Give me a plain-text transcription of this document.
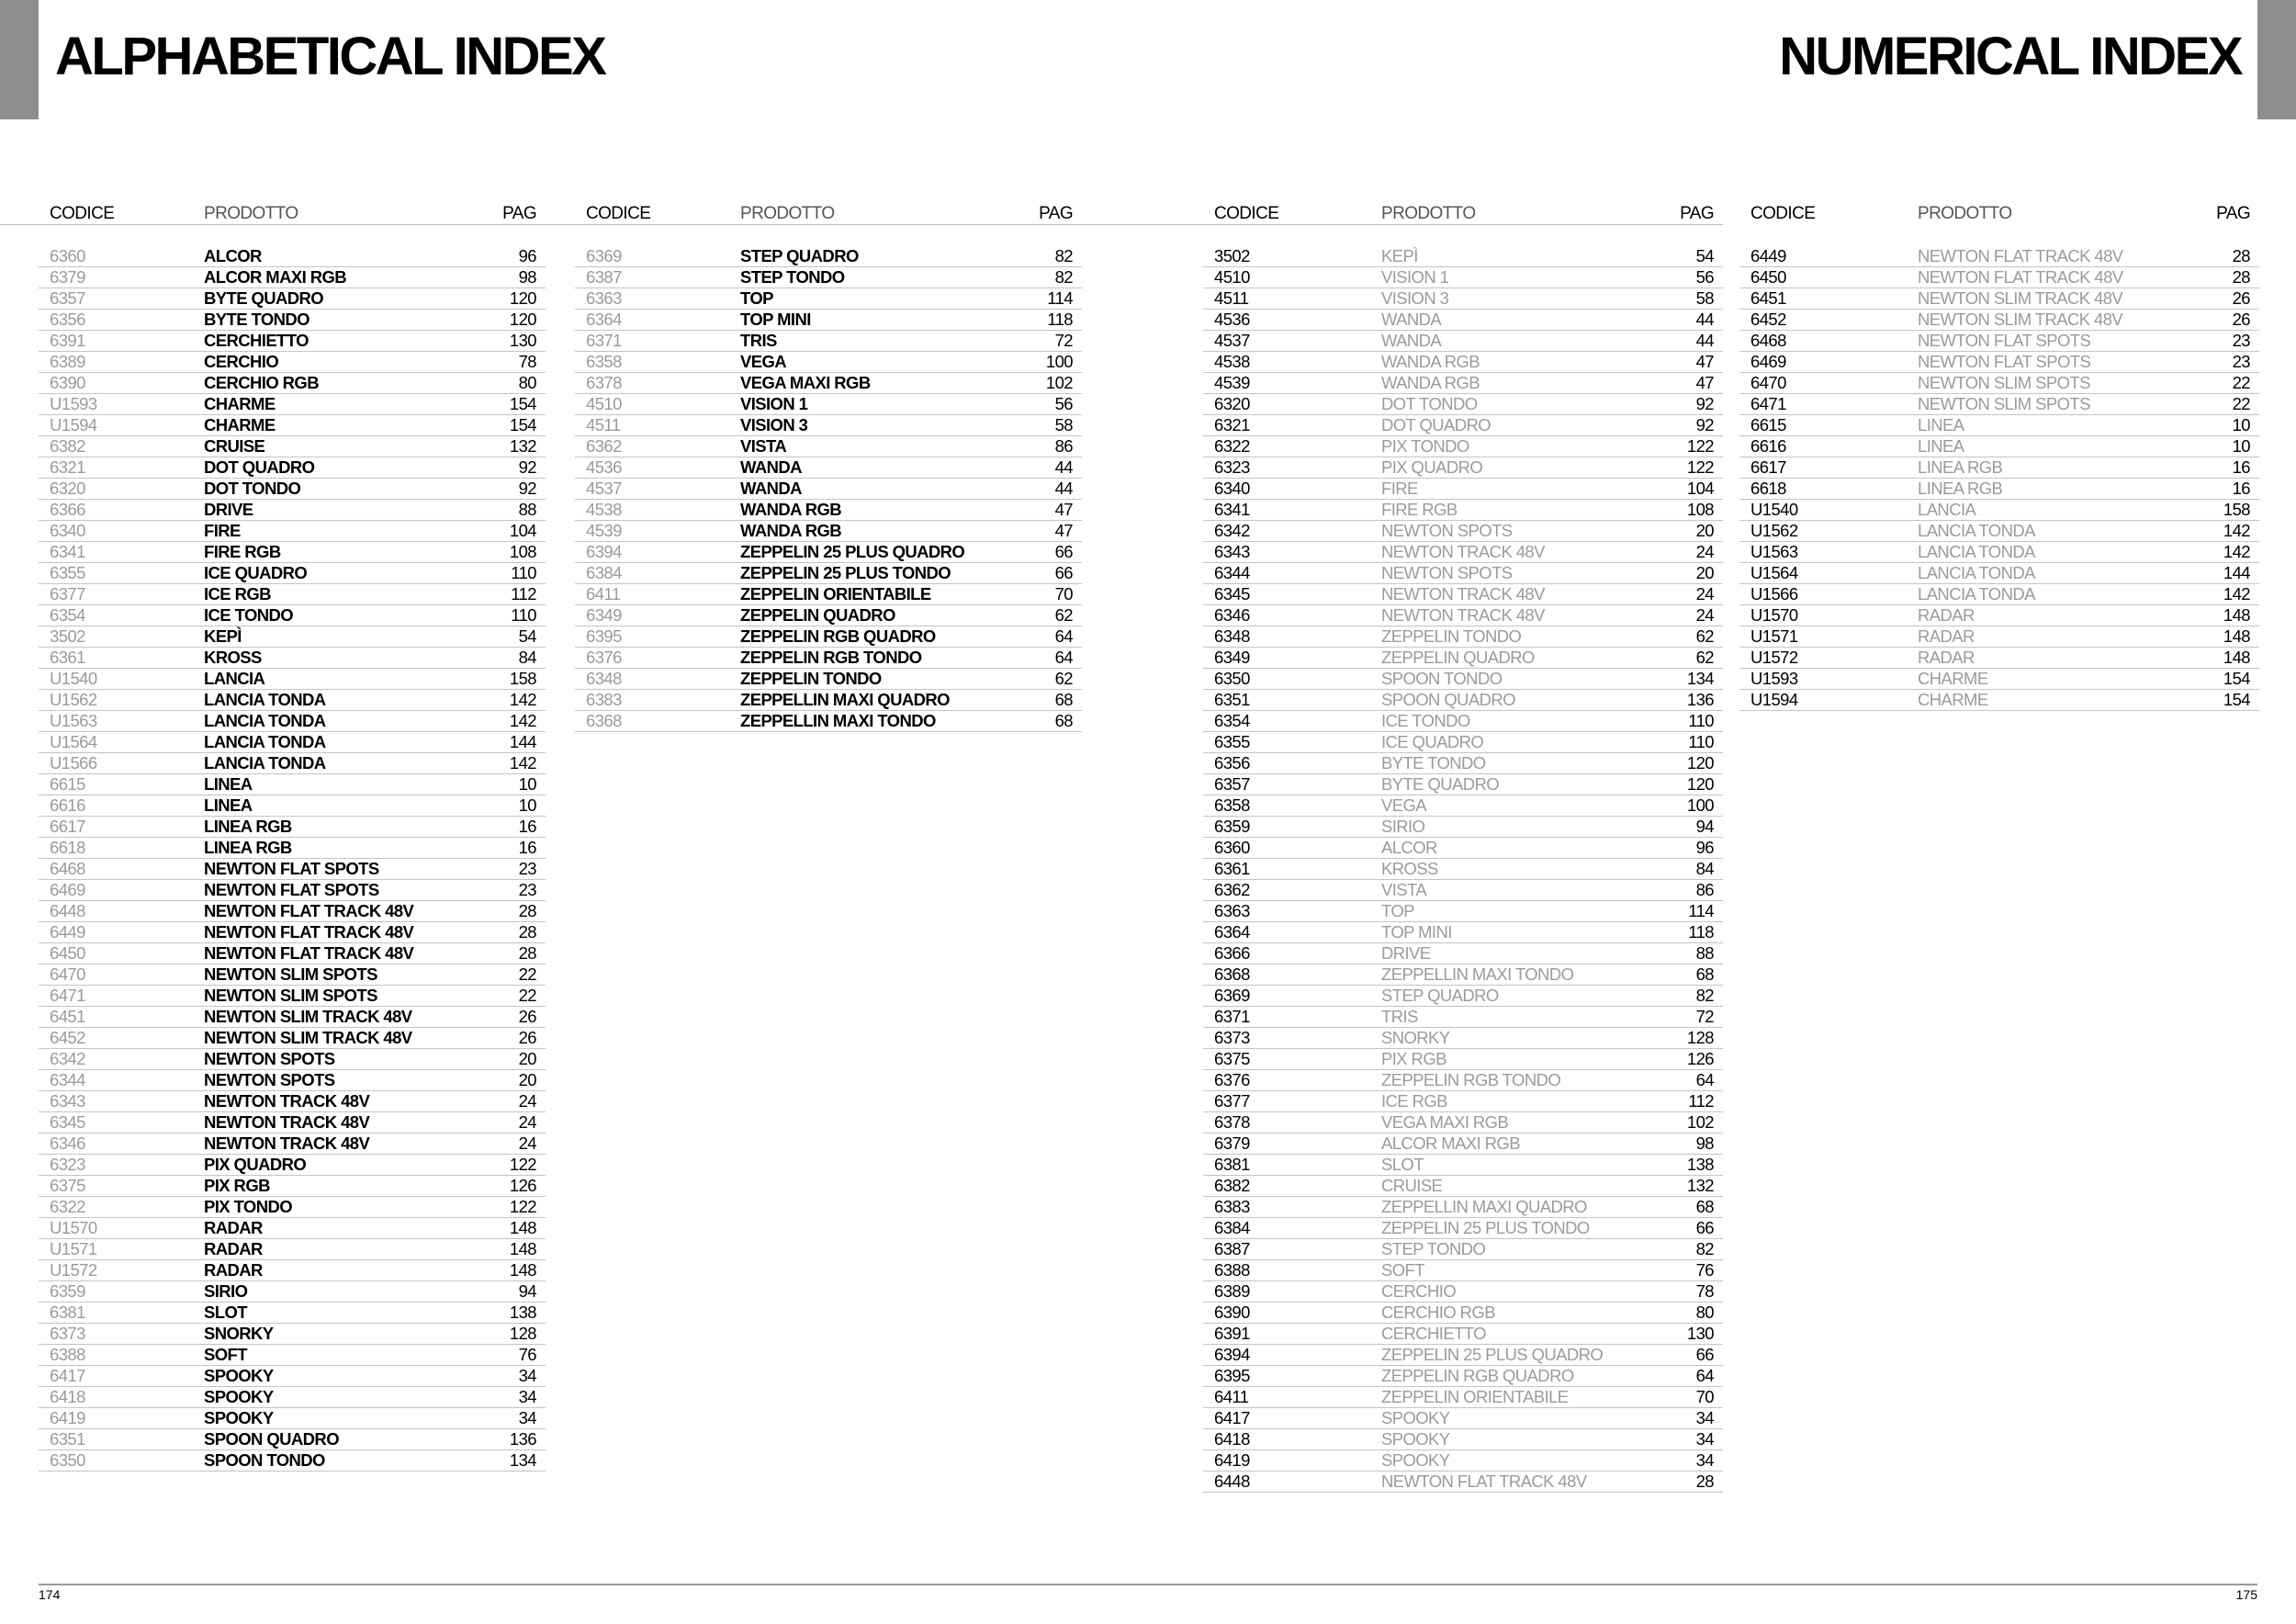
ALPHABETICAL INDEX	NUMERICAL INDEX
CODICE	PRODOTTO	PAG
6360	ALCOR	96
6379	ALCOR MAXI RGB	98
6357	BYTE QUADRO	120
6356	BYTE TONDO	120
6391	CERCHIETTO	130
6389	CERCHIO	78
6390	CERCHIO RGB	80
U1593	CHARME	154
U1594	CHARME	154
6382	CRUISE	132
6321	DOT QUADRO	92
6320	DOT TONDO	92
6366	DRIVE	88
6340	FIRE	104
6341	FIRE RGB	108
6355	ICE QUADRO	110
6377	ICE RGB	112
6354	ICE TONDO	110
3502	KEPÌ	54
6361	KROSS	84
U1540	LANCIA	158
U1562	LANCIA TONDA	142
U1563	LANCIA TONDA	142
U1564	LANCIA TONDA	144
U1566	LANCIA TONDA	142
6615	LINEA	10
6616	LINEA	10
6617	LINEA RGB	16
6618	LINEA RGB	16
6468	NEWTON FLAT SPOTS	23
6469	NEWTON FLAT SPOTS	23
6448	NEWTON FLAT TRACK 48V	28
6449	NEWTON FLAT TRACK 48V	28
6450	NEWTON FLAT TRACK 48V	28
6470	NEWTON SLIM SPOTS	22
6471	NEWTON SLIM SPOTS	22
6451	NEWTON SLIM TRACK 48V	26
6452	NEWTON SLIM TRACK 48V	26
6342	NEWTON SPOTS	20
6344	NEWTON SPOTS	20
6343	NEWTON TRACK 48V	24
6345	NEWTON TRACK 48V	24
6346	NEWTON TRACK 48V	24
6323	PIX QUADRO	122
6375	PIX RGB	126
6322	PIX TONDO	122
U1570	RADAR	148
U1571	RADAR	148
U1572	RADAR	148
6359	SIRIO	94
6381	SLOT	138
6373	SNORKY	128
6388	SOFT	76
6417	SPOOKY	34
6418	SPOOKY	34
6419	SPOOKY	34
6351	SPOON QUADRO	136
6350	SPOON TONDO	134
CODICE	PRODOTTO	PAG
6369	STEP QUADRO	82
6387	STEP TONDO	82
6363	TOP	114
6364	TOP MINI	118
6371	TRIS	72
6358	VEGA	100
6378	VEGA MAXI RGB	102
4510	VISION 1	56
4511	VISION 3	58
6362	VISTA	86
4536	WANDA	44
4537	WANDA	44
4538	WANDA RGB	47
4539	WANDA RGB	47
6394	ZEPPELIN 25 PLUS QUADRO	66
6384	ZEPPELIN 25 PLUS TONDO	66
6411	ZEPPELIN ORIENTABILE	70
6349	ZEPPELIN QUADRO	62
6395	ZEPPELIN RGB QUADRO	64
6376	ZEPPELIN RGB TONDO	64
6348	ZEPPELIN TONDO	62
6383	ZEPPELLIN MAXI QUADRO	68
6368	ZEPPELLIN MAXI TONDO	68
CODICE	PRODOTTO	PAG
3502	KEPÌ	54
4510	VISION 1	56
4511	VISION 3	58
4536	WANDA	44
4537	WANDA	44
4538	WANDA RGB	47
4539	WANDA RGB	47
6320	DOT TONDO	92
6321	DOT QUADRO	92
6322	PIX TONDO	122
6323	PIX QUADRO	122
6340	FIRE	104
6341	FIRE RGB	108
6342	NEWTON SPOTS	20
6343	NEWTON TRACK 48V	24
6344	NEWTON SPOTS	20
6345	NEWTON TRACK 48V	24
6346	NEWTON TRACK 48V	24
6348	ZEPPELIN TONDO	62
6349	ZEPPELIN QUADRO	62
6350	SPOON TONDO	134
6351	SPOON QUADRO	136
6354	ICE TONDO	110
6355	ICE QUADRO	110
6356	BYTE TONDO	120
6357	BYTE QUADRO	120
6358	VEGA	100
6359	SIRIO	94
6360	ALCOR	96
6361	KROSS	84
6362	VISTA	86
6363	TOP	114
6364	TOP MINI	118
6366	DRIVE	88
6368	ZEPPELLIN MAXI TONDO	68
6369	STEP QUADRO	82
6371	TRIS	72
6373	SNORKY	128
6375	PIX RGB	126
6376	ZEPPELIN RGB TONDO	64
6377	ICE RGB	112
6378	VEGA MAXI RGB	102
6379	ALCOR MAXI RGB	98
6381	SLOT	138
6382	CRUISE	132
6383	ZEPPELLIN MAXI QUADRO	68
6384	ZEPPELIN 25 PLUS TONDO	66
6387	STEP TONDO	82
6388	SOFT	76
6389	CERCHIO	78
6390	CERCHIO RGB	80
6391	CERCHIETTO	130
6394	ZEPPELIN 25 PLUS QUADRO	66
6395	ZEPPELIN RGB QUADRO	64
6411	ZEPPELIN ORIENTABILE	70
6417	SPOOKY	34
6418	SPOOKY	34
6419	SPOOKY	34
6448	NEWTON FLAT TRACK 48V	28
CODICE	PRODOTTO	PAG
6449	NEWTON FLAT TRACK 48V	28
6450	NEWTON FLAT TRACK 48V	28
6451	NEWTON SLIM TRACK 48V	26
6452	NEWTON SLIM TRACK 48V	26
6468	NEWTON FLAT SPOTS	23
6469	NEWTON FLAT SPOTS	23
6470	NEWTON SLIM SPOTS	22
6471	NEWTON SLIM SPOTS	22
6615	LINEA	10
6616	LINEA	10
6617	LINEA RGB	16
6618	LINEA RGB	16
U1540	LANCIA	158
U1562	LANCIA TONDA	142
U1563	LANCIA TONDA	142
U1564	LANCIA TONDA	144
U1566	LANCIA TONDA	142
U1570	RADAR	148
U1571	RADAR	148
U1572	RADAR	148
U1593	CHARME	154
U1594	CHARME	154
174	175
